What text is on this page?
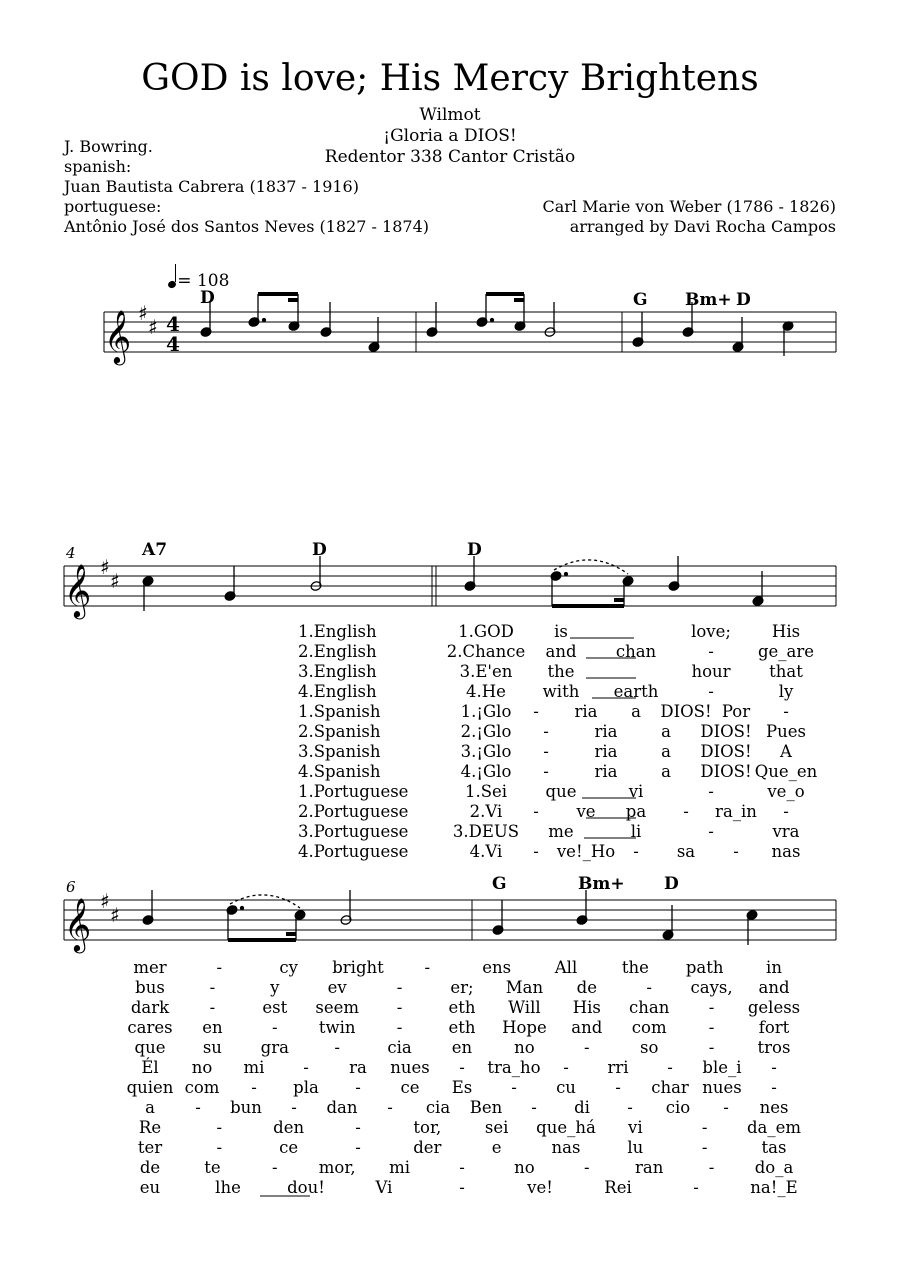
GOD is love; His Mercy Brightens
Wilmot
¡Gloria a DIOS!
Redentor 338 Cantor Cristão
J. Bowring.
spanish:
Juan Bautista Cabrera (1837 - 1916)
portuguese:
Antônio José dos Santos Neves (1827 - 1874)
Carl Marie von Weber (1786 - 1826)
arranged by Davi Rocha Campos
= 108
D	G Bm+ D
4	A7	D	D
6	G	Bm+ D
𝄞
𝄞
𝄞
♯
♯
♯
♯
♯
♯
4
4
1.English
2.English
3.English
4.English
1.Spanish
2.Spanish
3.Spanish
4.Spanish
1.Portuguese
2.Portuguese
3.Portuguese
4.Portuguese
1.GOD is	love; His
2.Chance and chan	-	ge_are
3.E'en the	hour that
4.He with earth	-	ly
1.¡Glo - ria a DIOS! Por -
2.¡Glo -	ria	a DIOS! Pues
3.¡Glo -	ria	a DIOS! A
4.¡Glo -	ria	a DIOS! Que_en
1.Sei que	vi	-	ve_o
2.Vi - ve pa - ra_in -
3.DEUS me	li	-	vra
4.Vi - ve!_Ho - sa - nas
mer	-	cy bright -	ens	All	the path	in
bus	-	y	ev	-	er; Man de	- cays, and
dark -	est seem -	eth Will His chan - geless
cares en	-	twin	-	eth Hope and com	-	fort
que su gra	-	cia en	no	-	so	-	tros
Él no mi - ra nues - tra_ho - rri - ble_i -
quien com - pla - ce Es - cu - char nues -
a - bun - dan - cia Ben - di - cio - nes
Re	-	den	-	tor,	sei que_há vi	- da_em
ter	-	ce	-	der	e	nas	lu	-	tas
de	te	- mor, mi	-	no	-	ran	- do_a
eu	lhe	dou!	Vi	-	ve!	Rei	-	na!_E
